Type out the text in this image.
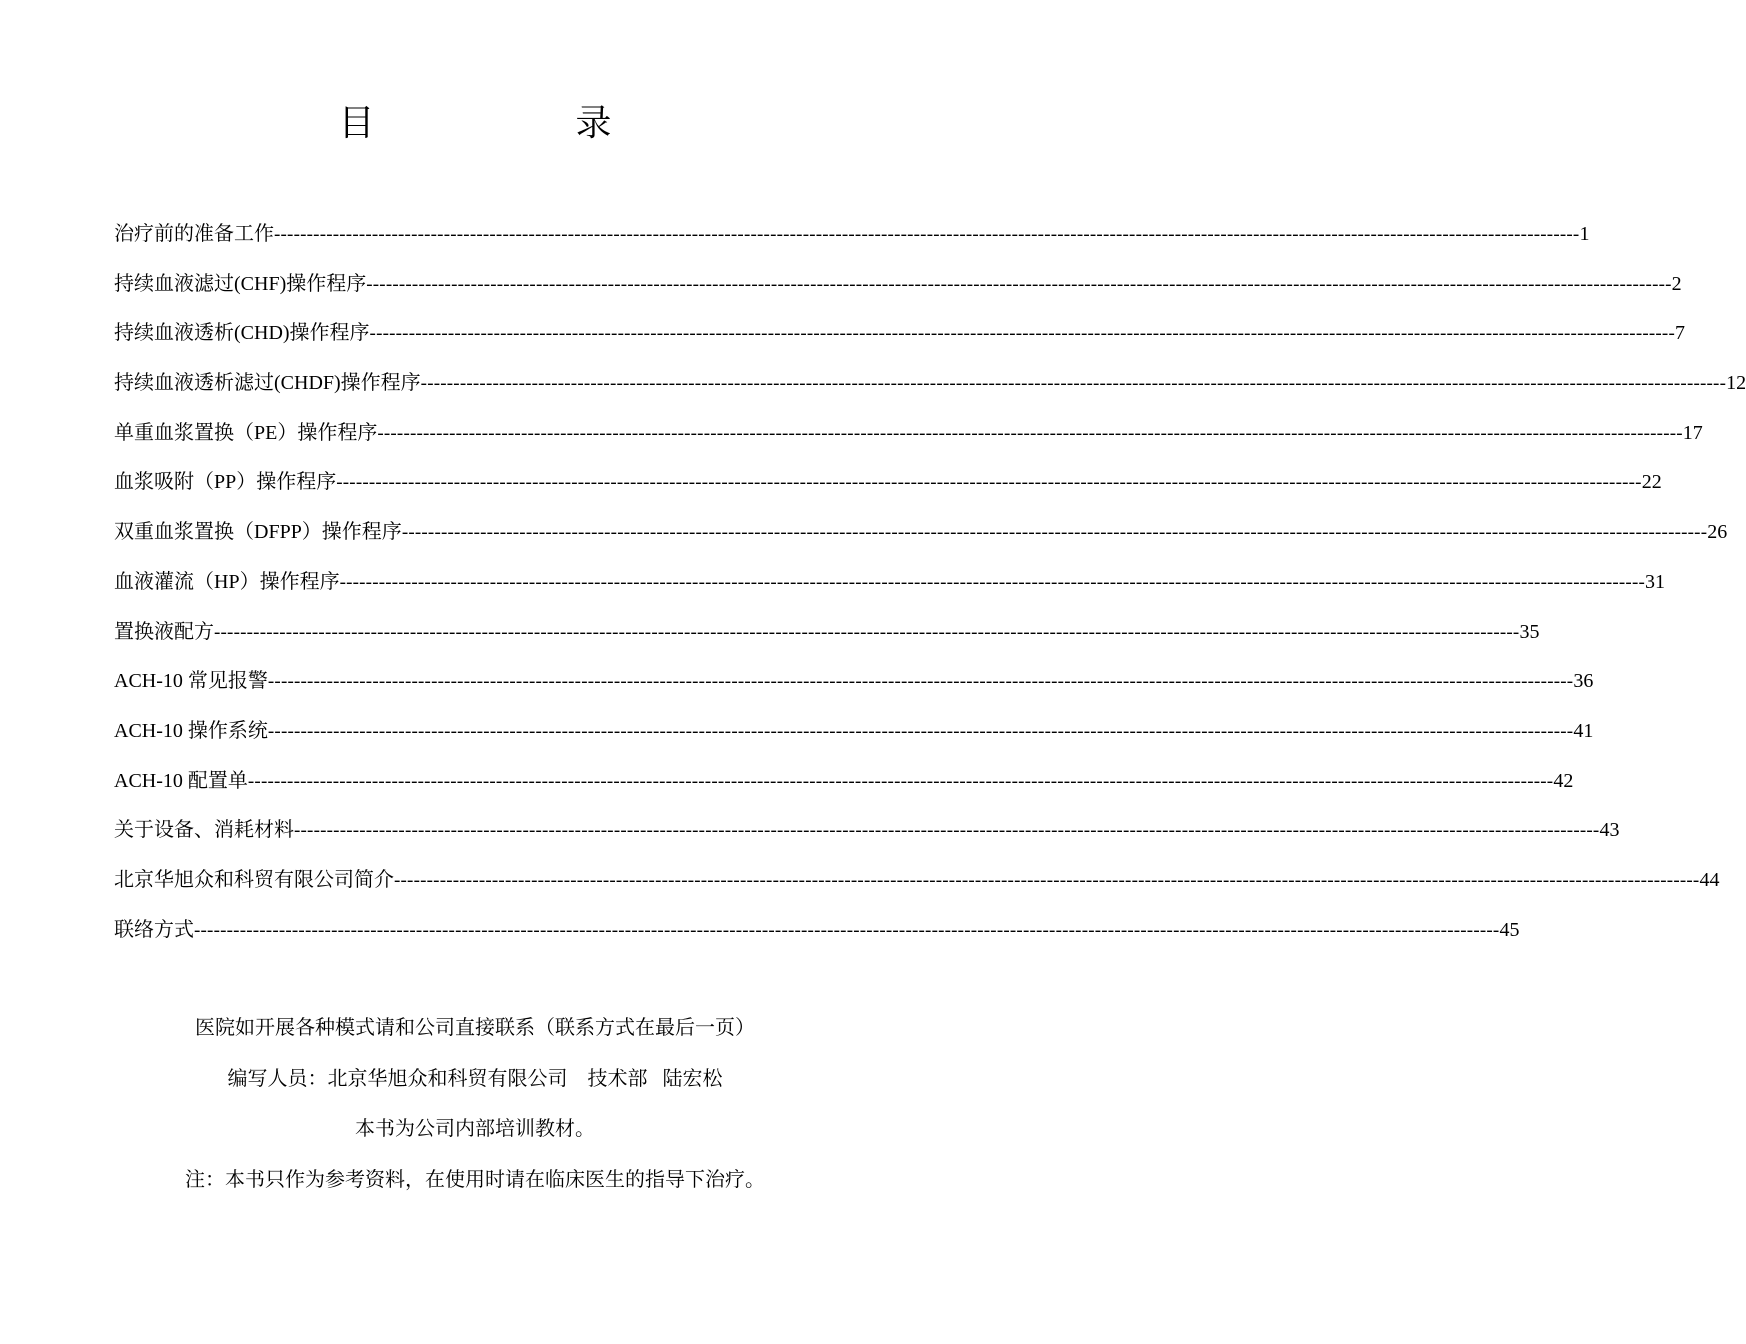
目 录
治疗前的准备工作 -------------------------------------------------------------------------------------------------------------------------------------------------------------------------------------------------------- 1
持续血液滤过(CHF)操作程序 -------------------------------------------------------------------------------------------------------------------------------------------------------------------------------------------------------- 2
持续血液透析(CHD)操作程序 -------------------------------------------------------------------------------------------------------------------------------------------------------------------------------------------------------- 7
持续血液透析滤过(CHDF)操作程序 -------------------------------------------------------------------------------------------------------------------------------------------------------------------------------------------------------- 12
单重血浆置换（PE）操作程序 -------------------------------------------------------------------------------------------------------------------------------------------------------------------------------------------------------- 17
血浆吸附（PP）操作程序 -------------------------------------------------------------------------------------------------------------------------------------------------------------------------------------------------------- 22
双重血浆置换（DFPP）操作程序 -------------------------------------------------------------------------------------------------------------------------------------------------------------------------------------------------------- 26
血液灌流（HP）操作程序 -------------------------------------------------------------------------------------------------------------------------------------------------------------------------------------------------------- 31
置换液配方 -------------------------------------------------------------------------------------------------------------------------------------------------------------------------------------------------------- 35
ACH-10 常见报警 -------------------------------------------------------------------------------------------------------------------------------------------------------------------------------------------------------- 36
ACH-10 操作系统 -------------------------------------------------------------------------------------------------------------------------------------------------------------------------------------------------------- 41
ACH-10 配置单 -------------------------------------------------------------------------------------------------------------------------------------------------------------------------------------------------------- 42
关于设备、消耗材料 -------------------------------------------------------------------------------------------------------------------------------------------------------------------------------------------------------- 43
北京华旭众和科贸有限公司简介 -------------------------------------------------------------------------------------------------------------------------------------------------------------------------------------------------------- 44
联络方式 -------------------------------------------------------------------------------------------------------------------------------------------------------------------------------------------------------- 45
医院如开展各种模式请和公司直接联系（联系方式在最后一页）
编写人员：北京华旭众和科贸有限公司    技术部   陆宏松
本书为公司内部培训教材。
注：本书只作为参考资料，在使用时请在临床医生的指导下治疗。
